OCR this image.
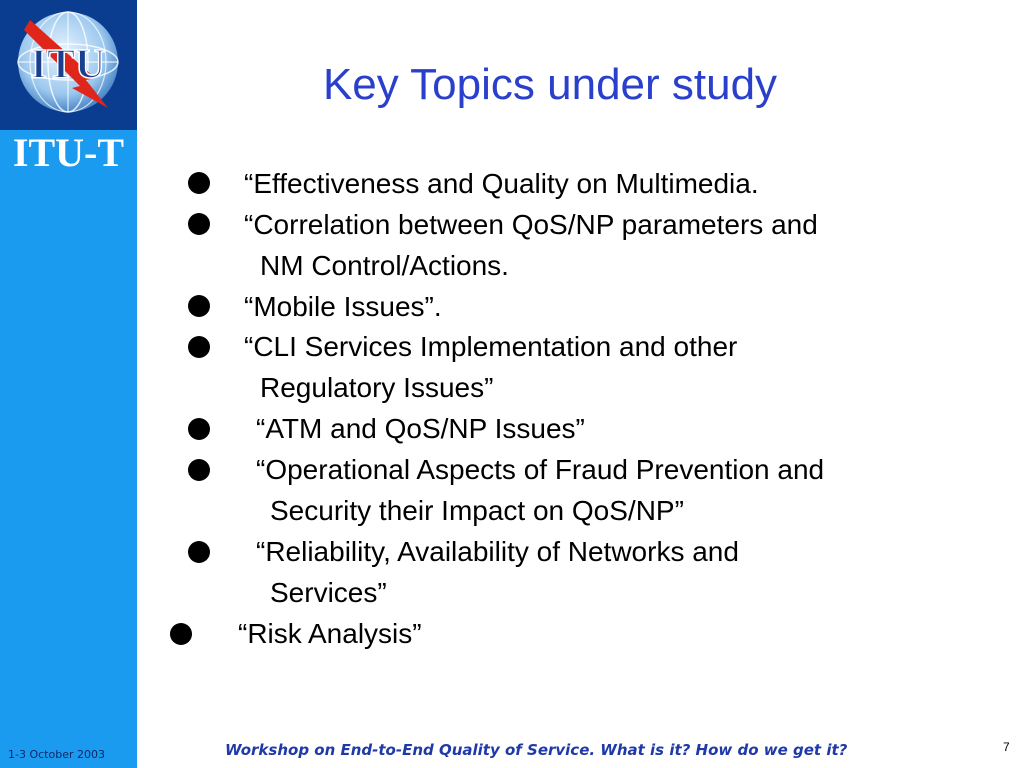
ITU
ITU-T
1-3 October 2003
Key Topics under study
“Effectiveness and Quality on Multimedia.
“Correlation between QoS/NP parameters and
NM Control/Actions.
“Mobile Issues”.
“CLI Services Implementation and other
Regulatory Issues”
“ATM and QoS/NP Issues”
“Operational Aspects of Fraud Prevention and
Security their Impact on QoS/NP”
“Reliability, Availability of Networks and
Services”
“Risk Analysis”
Workshop on End-to-End Quality of Service. What is it? How do we get it?	7
